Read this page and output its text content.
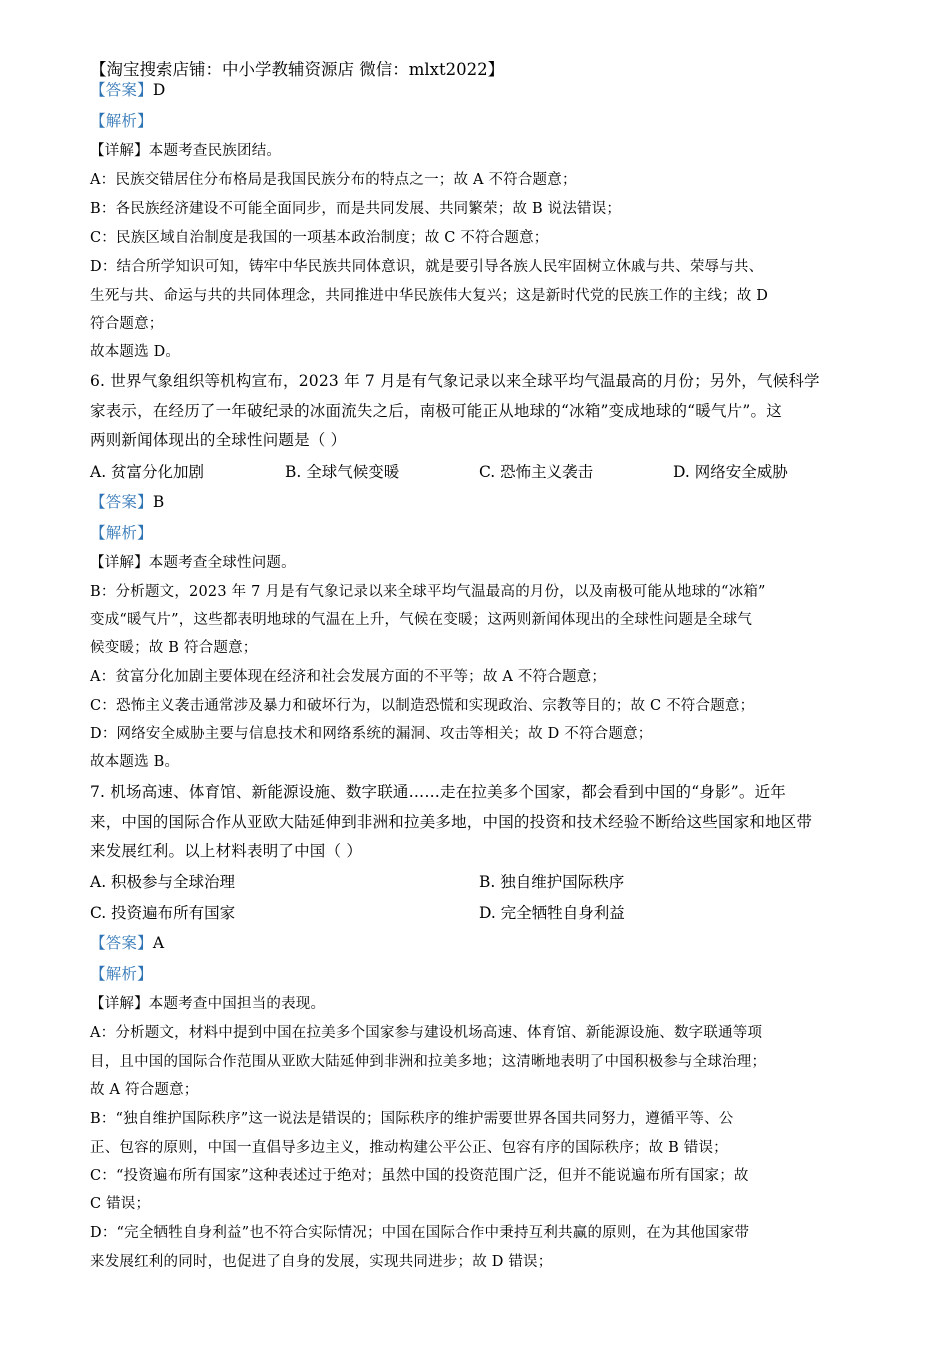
【淘宝搜索店铺：中小学教辅资源店 微信：mlxt2022】
【答案】D
【解析】
【详解】本题考查民族团结。
A：民族交错居住分布格局是我国民族分布的特点之一；故 A 不符合题意；
B：各民族经济建设不可能全面同步，而是共同发展、共同繁荣；故 B 说法错误；
C：民族区域自治制度是我国的一项基本政治制度；故 C 不符合题意；
D：结合所学知识可知，铸牢中华民族共同体意识，就是要引导各族人民牢固树立休戚与共、荣辱与共、
生死与共、命运与共的共同体理念，共同推进中华民族伟大复兴；这是新时代党的民族工作的主线；故 D
符合题意；
故本题选 D。
6. 世界气象组织等机构宣布，2023 年 7 月是有气象记录以来全球平均气温最高的月份；另外，气候科学
家表示，在经历了一年破纪录的冰面流失之后，南极可能正从地球的“冰箱”变成地球的“暖气片”。这
两则新闻体现出的全球性问题是（ ）
A. 贫富分化加剧	B. 全球气候变暖	C. 恐怖主义袭击	D. 网络安全威胁
【答案】B
【解析】
【详解】本题考查全球性问题。
B：分析题文，2023 年 7 月是有气象记录以来全球平均气温最高的月份，以及南极可能从地球的“冰箱”
变成“暖气片”，这些都表明地球的气温在上升，气候在变暖；这两则新闻体现出的全球性问题是全球气
候变暖；故 B 符合题意；
A：贫富分化加剧主要体现在经济和社会发展方面的不平等；故 A 不符合题意；
C：恐怖主义袭击通常涉及暴力和破坏行为，以制造恐慌和实现政治、宗教等目的；故 C 不符合题意；
D：网络安全威胁主要与信息技术和网络系统的漏洞、攻击等相关；故 D 不符合题意；
故本题选 B。
7. 机场高速、体育馆、新能源设施、数字联通……走在拉美多个国家，都会看到中国的“身影”。近年
来，中国的国际合作从亚欧大陆延伸到非洲和拉美多地，中国的投资和技术经验不断给这些国家和地区带
来发展红利。以上材料表明了中国（ ）
A. 积极参与全球治理	B. 独自维护国际秩序
C. 投资遍布所有国家	D. 完全牺牲自身利益
【答案】A
【解析】
【详解】本题考查中国担当的表现。
A：分析题文，材料中提到中国在拉美多个国家参与建设机场高速、体育馆、新能源设施、数字联通等项
目，且中国的国际合作范围从亚欧大陆延伸到非洲和拉美多地；这清晰地表明了中国积极参与全球治理；
故 A 符合题意；
B：“独自维护国际秩序”这一说法是错误的；国际秩序的维护需要世界各国共同努力，遵循平等、公
正、包容的原则，中国一直倡导多边主义，推动构建公平公正、包容有序的国际秩序；故 B 错误；
C：“投资遍布所有国家”这种表述过于绝对；虽然中国的投资范围广泛，但并不能说遍布所有国家；故
C 错误；
D：“完全牺牲自身利益”也不符合实际情况；中国在国际合作中秉持互利共赢的原则，在为其他国家带
来发展红利的同时，也促进了自身的发展，实现共同进步；故 D 错误；
